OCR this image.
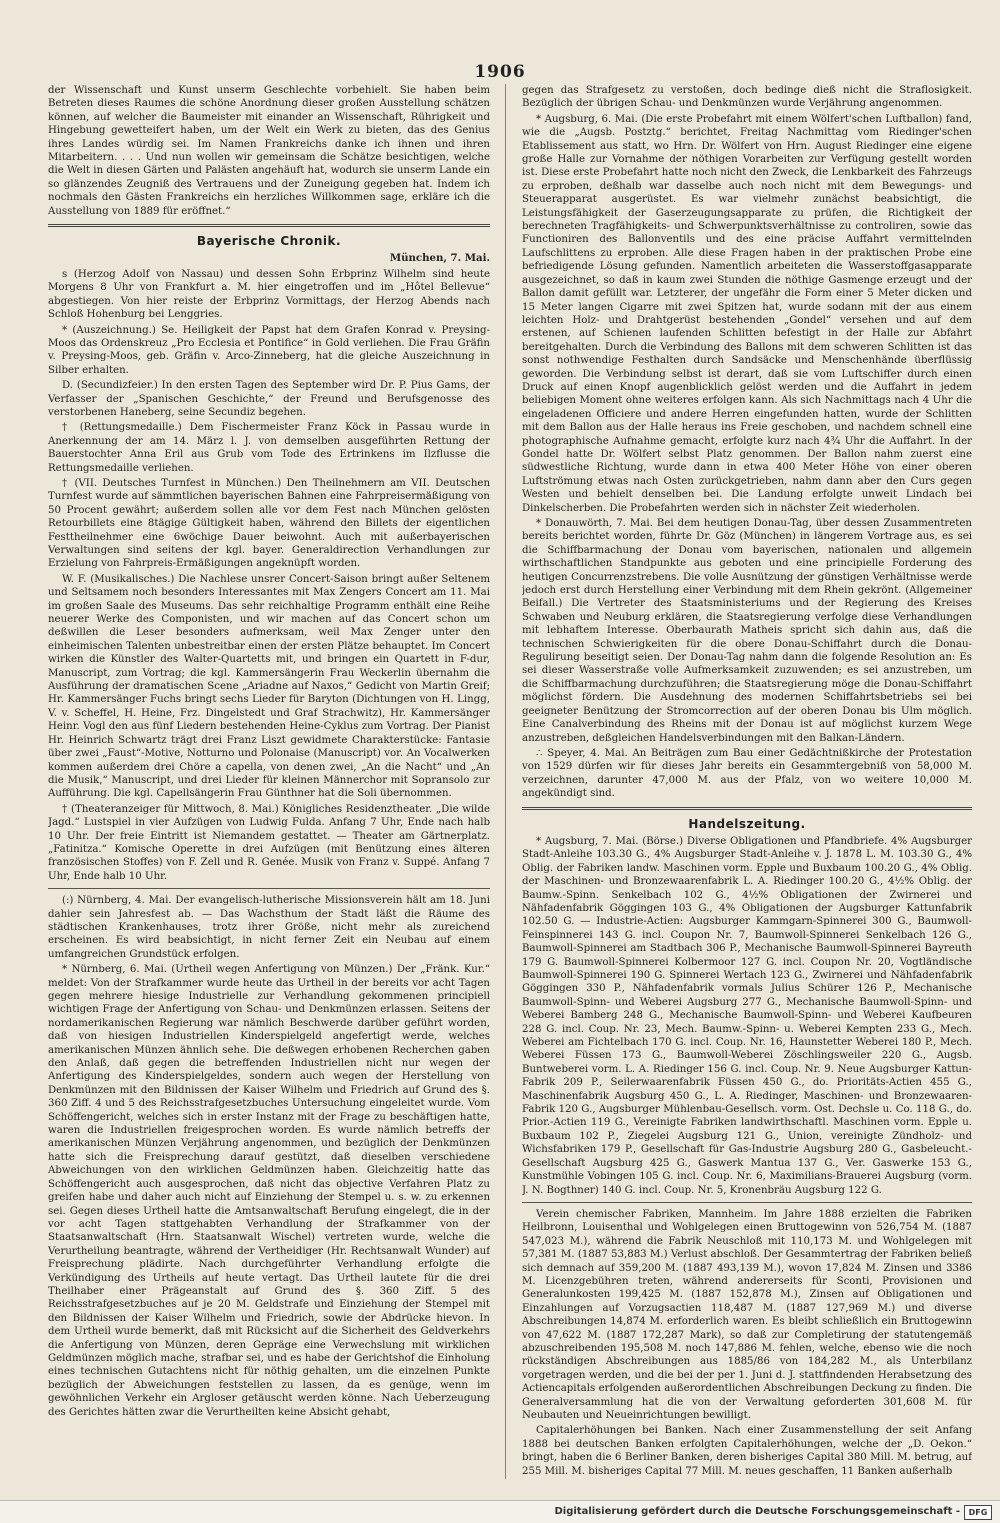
1906

der Wissenschaft und Kunst unserm Geschlechte vorbehielt. Sie haben beim Betreten dieses Raumes die schöne Anordnung dieser großen Ausstellung schätzen können, auf welcher die Baumeister mit einander an Wissenschaft, Rührigkeit und Hingebung gewetteifert haben, um der Welt ein Werk zu bieten, das des Genius ihres Landes würdig sei. Im Namen Frankreichs danke ich ihnen und ihren Mitarbeitern. . . . Und nun wollen wir gemeinsam die Schätze besichtigen, welche die Welt in diesen Gärten und Palästen angehäuft hat, wodurch sie unserm Lande ein so glänzendes Zeugniß des Vertrauens und der Zuneigung gegeben hat. Indem ich nochmals den Gästen Frankreichs ein herzliches Willkommen sage, erkläre ich die Ausstellung von 1889 für eröffnet.“

Bayerische Chronik.
München, 7. Mai.

s (Herzog Adolf von Nassau) und dessen Sohn Erbprinz Wilhelm sind heute Morgens 8 Uhr von Frankfurt a. M. hier eingetroffen und im „Hôtel Bellevue“ abgestiegen. Von hier reiste der Erbprinz Vormittags, der Herzog Abends nach Schloß Hohenburg bei Lenggries.

* (Auszeichnung.) Se. Heiligkeit der Papst hat dem Grafen Konrad v. Preysing-Moos das Ordenskreuz „Pro Ecclesia et Pontifice“ in Gold verliehen. Die Frau Gräfin v. Preysing-Moos, geb. Gräfin v. Arco-Zinneberg, hat die gleiche Auszeichnung in Silber erhalten.

D. (Secundizfeier.) In den ersten Tagen des September wird Dr. P. Pius Gams, der Verfasser der „Spanischen Geschichte,“ der Freund und Berufsgenosse des verstorbenen Haneberg, seine Secundiz begehen.

† (Rettungsmedaille.) Dem Fischermeister Franz Köck in Passau wurde in Anerkennung der am 14. März l. J. von demselben ausgeführten Rettung der Bauerstochter Anna Eril aus Grub vom Tode des Ertrinkens im Ilzflusse die Rettungsmedaille verliehen.

† (VII. Deutsches Turnfest in München.) Den Theilnehmern am VII. Deutschen Turnfest wurde auf sämmtlichen bayerischen Bahnen eine Fahrpreisermäßigung von 50 Procent gewährt; außerdem sollen alle vor dem Fest nach München gelösten Retourbillets eine 8tägige Gültigkeit haben, während den Billets der eigentlichen Festtheilnehmer eine 6wöchige Dauer beiwohnt. Auch mit außerbayerischen Verwaltungen sind seitens der kgl. bayer. Generaldirection Verhandlungen zur Erzielung von Fahrpreis-Ermäßigungen angeknüpft worden.

W. F. (Musikalisches.) Die Nachlese unsrer Concert-Saison bringt außer Seltenem und Seltsamem noch besonders Interessantes mit Max Zengers Concert am 11. Mai im großen Saale des Museums. Das sehr reichhaltige Programm enthält eine Reihe neuerer Werke des Componisten, und wir machen auf das Concert schon um deßwillen die Leser besonders aufmerksam, weil Max Zenger unter den einheimischen Talenten unbestreitbar einen der ersten Plätze behauptet. Im Concert wirken die Künstler des Walter-Quartetts mit, und bringen ein Quartett in F-dur, Manuscript, zum Vortrag; die kgl. Kammersängerin Frau Weckerlin übernahm die Ausführung der dramatischen Scene „Ariadne auf Naxos,“ Gedicht von Martin Greif; Hr. Kammersänger Fuchs bringt sechs Lieder für Baryton (Dichtungen von H. Lingg, V. v. Scheffel, H. Heine, Frz. Dingelstedt und Graf Strachwitz), Hr. Kammersänger Heinr. Vogl den aus fünf Liedern bestehenden Heine-Cyklus zum Vortrag. Der Pianist Hr. Heinrich Schwartz trägt drei Franz Liszt gewidmete Charakterstücke: Fantasie über zwei „Faust“-Motive, Notturno und Polonaise (Manuscript) vor. An Vocalwerken kommen außerdem drei Chöre a capella, von denen zwei, „An die Nacht“ und „An die Musik,“ Manuscript, und drei Lieder für kleinen Männerchor mit Sopransolo zur Aufführung. Die kgl. Capellsängerin Frau Günthner hat die Soli übernommen.

† (Theateranzeiger für Mittwoch, 8. Mai.) Königliches Residenztheater. „Die wilde Jagd.“ Lustspiel in vier Aufzügen von Ludwig Fulda. Anfang 7 Uhr, Ende nach halb 10 Uhr. Der freie Eintritt ist Niemandem gestattet. — Theater am Gärtnerplatz. „Fatinitza.“ Komische Operette in drei Aufzügen (mit Benützung eines älteren französischen Stoffes) von F. Zell und R. Genée. Musik von Franz v. Suppé. Anfang 7 Uhr, Ende halb 10 Uhr.

(:) Nürnberg, 4. Mai. Der evangelisch-lutherische Missionsverein hält am 18. Juni dahier sein Jahresfest ab. — Das Wachsthum der Stadt läßt die Räume des städtischen Krankenhauses, trotz ihrer Größe, nicht mehr als zureichend erscheinen. Es wird beabsichtigt, in nicht ferner Zeit ein Neubau auf einem umfangreichen Grundstück erfolgen.

* Nürnberg, 6. Mai. (Urtheil wegen Anfertigung von Münzen.) Der „Fränk. Kur.“ meldet: Von der Strafkammer wurde heute das Urtheil in der bereits vor acht Tagen gegen mehrere hiesige Industrielle zur Verhandlung gekommenen principiell wichtigen Frage der Anfertigung von Schau- und Denkmünzen erlassen. Seitens der nordamerikanischen Regierung war nämlich Beschwerde darüber geführt worden, daß von hiesigen Industriellen Kinderspielgeld angefertigt werde, welches amerikanischen Münzen ähnlich sehe. Die deßwegen erhobenen Recherchen gaben den Anlaß, daß gegen die betreffenden Industriellen nicht nur wegen der Anfertigung des Kinderspielgeldes, sondern auch wegen der Herstellung von Denkmünzen mit den Bildnissen der Kaiser Wilhelm und Friedrich auf Grund des §. 360 Ziff. 4 und 5 des Reichsstrafgesetzbuches Untersuchung eingeleitet wurde. Vom Schöffengericht, welches sich in erster Instanz mit der Frage zu beschäftigen hatte, waren die Industriellen freigesprochen worden. Es wurde nämlich betreffs der amerikanischen Münzen Verjährung angenommen, und bezüglich der Denkmünzen hatte sich die Freisprechung darauf gestützt, daß dieselben verschiedene Abweichungen von den wirklichen Geldmünzen haben. Gleichzeitig hatte das Schöffengericht auch ausgesprochen, daß nicht das objective Verfahren Platz zu greifen habe und daher auch nicht auf Einziehung der Stempel u. s. w. zu erkennen sei. Gegen dieses Urtheil hatte die Amtsanwaltschaft Berufung eingelegt, die in der vor acht Tagen stattgehabten Verhandlung der Strafkammer von der Staatsanwaltschaft (Hrn. Staatsanwalt Wischel) vertreten wurde, welche die Verurtheilung beantragte, während der Vertheidiger (Hr. Rechtsanwalt Wunder) auf Freisprechung plädirte. Nach durchgeführter Verhandlung erfolgte die Verkündigung des Urtheils auf heute vertagt. Das Urtheil lautete für die drei Theilhaber einer Prägeanstalt auf Grund des §. 360 Ziff. 5 des Reichsstrafgesetzbuches auf je 20 M. Geldstrafe und Einziehung der Stempel mit den Bildnissen der Kaiser Wilhelm und Friedrich, sowie der Abdrücke hievon. In dem Urtheil wurde bemerkt, daß mit Rücksicht auf die Sicherheit des Geldverkehrs die Anfertigung von Münzen, deren Gepräge eine Verwechslung mit wirklichen Geldmünzen möglich mache, strafbar sei, und es habe der Gerichtshof die Einholung eines technischen Gutachtens nicht für nöthig gehalten, um die einzelnen Punkte bezüglich der Abweichungen feststellen zu lassen, da es genüge, wenn im gewöhnlichen Verkehr ein Argloser getäuscht werden könne. Nach Ueberzeugung des Gerichtes hätten zwar die Verurtheilten keine Absicht gehabt,

gegen das Strafgesetz zu verstoßen, doch bedinge dieß nicht die Straflosigkeit. Bezüglich der übrigen Schau- und Denkmünzen wurde Verjährung angenommen.

* Augsburg, 6. Mai. (Die erste Probefahrt mit einem Wölfert'schen Luftballon) fand, wie die „Augsb. Postztg.“ berichtet, Freitag Nachmittag vom Riedinger'schen Etablissement aus statt, wo Hrn. Dr. Wölfert von Hrn. August Riedinger eine eigene große Halle zur Vornahme der nöthigen Vorarbeiten zur Verfügung gestellt worden ist. Diese erste Probefahrt hatte noch nicht den Zweck, die Lenkbarkeit des Fahrzeugs zu erproben, deßhalb war dasselbe auch noch nicht mit dem Bewegungs- und Steuerapparat ausgerüstet. Es war vielmehr zunächst beabsichtigt, die Leistungsfähigkeit der Gaserzeugungsapparate zu prüfen, die Richtigkeit der berechneten Tragfähigkeits- und Schwerpunktsverhältnisse zu controliren, sowie das Functioniren des Ballonventils und des eine präcise Auffahrt vermittelnden Laufschlittens zu erproben. Alle diese Fragen haben in der praktischen Probe eine befriedigende Lösung gefunden. Namentlich arbeiteten die Wasserstoffgasapparate ausgezeichnet, so daß in kaum zwei Stunden die nöthige Gasmenge erzeugt und der Ballon damit gefüllt war. Letzterer, der ungefähr die Form einer 5 Meter dicken und 15 Meter langen Cigarre mit zwei Spitzen hat, wurde sodann mit der aus einem leichten Holz- und Drahtgerüst bestehenden „Gondel“ versehen und auf dem erstenen, auf Schienen laufenden Schlitten befestigt in der Halle zur Abfahrt bereitgehalten. Durch die Verbindung des Ballons mit dem schweren Schlitten ist das sonst nothwendige Festhalten durch Sandsäcke und Menschenhände überflüssig geworden. Die Verbindung selbst ist derart, daß sie vom Luftschiffer durch einen Druck auf einen Knopf augenblicklich gelöst werden und die Auffahrt in jedem beliebigen Moment ohne weiteres erfolgen kann. Als sich Nachmittags nach 4 Uhr die eingeladenen Officiere und andere Herren eingefunden hatten, wurde der Schlitten mit dem Ballon aus der Halle heraus ins Freie geschoben, und nachdem schnell eine photographische Aufnahme gemacht, erfolgte kurz nach 4¾ Uhr die Auffahrt. In der Gondel hatte Dr. Wölfert selbst Platz genommen. Der Ballon nahm zuerst eine südwestliche Richtung, wurde dann in etwa 400 Meter Höhe von einer oberen Luftströmung etwas nach Osten zurückgetrieben, nahm dann aber den Curs gegen Westen und behielt denselben bei. Die Landung erfolgte unweit Lindach bei Dinkelscherben. Die Probefahrten werden sich in nächster Zeit wiederholen.

* Donauwörth, 7. Mai. Bei dem heutigen Donau-Tag, über dessen Zusammentreten bereits berichtet worden, führte Dr. Göz (München) in längerem Vortrage aus, es sei die Schiffbarmachung der Donau vom bayerischen, nationalen und allgemein wirthschaftlichen Standpunkte aus geboten und eine principielle Forderung des heutigen Concurrenzstrebens. Die volle Ausnützung der günstigen Verhältnisse werde jedoch erst durch Herstellung einer Verbindung mit dem Rhein gekrönt. (Allgemeiner Beifall.) Die Vertreter des Staatsministeriums und der Regierung des Kreises Schwaben und Neuburg erklären, die Staatsregierung verfolge diese Verhandlungen mit lebhaftem Interesse. Oberbaurath Matheis spricht sich dahin aus, daß die technischen Schwierigkeiten für die obere Donau-Schiffahrt durch die Donau-Regulirung beseitigt seien. Der Donau-Tag nahm dann die folgende Resolution an: Es sei dieser Wasserstraße volle Aufmerksamkeit zuzuwenden; es sei anzustreben, um die Schiffbarmachung durchzuführen; die Staatsregierung möge die Donau-Schiffahrt möglichst fördern. Die Ausdehnung des modernen Schiffahrtsbetriebs sei bei geeigneter Benützung der Stromcorrection auf der oberen Donau bis Ulm möglich. Eine Canalverbindung des Rheins mit der Donau ist auf möglichst kurzem Wege anzustreben, deßgleichen Handelsverbindungen mit den Balkan-Ländern.

∴ Speyer, 4. Mai. An Beiträgen zum Bau einer Gedächtnißkirche der Protestation von 1529 dürfen wir für dieses Jahr bereits ein Gesammtergebniß von 58,000 M. verzeichnen, darunter 47,000 M. aus der Pfalz, von wo weitere 10,000 M. angekündigt sind.

Handelszeitung.

* Augsburg, 7. Mai. (Börse.) Diverse Obligationen und Pfandbriefe. 4% Augsburger Stadt-Anleihe 103.30 G., 4% Augsburger Stadt-Anleihe v. J. 1878 L. M. 103.30 G., 4% Oblig. der Fabriken landw. Maschinen vorm. Epple und Buxbaum 100.20 G., 4% Oblig. der Maschinen- und Bronzewaarenfabrik L. A. Riedinger 100.20 G., 4½% Oblig. der Baumw.-Spinn. Senkelbach 102 G., 4½% Obligationen der Zwirnerei und Nähfadenfabrik Göggingen 103 G., 4% Obligationen der Augsburger Kattunfabrik 102.50 G. — Industrie-Actien: Augsburger Kammgarn-Spinnerei 300 G., Baumwoll-Feinspinnerei 143 G. incl. Coupon Nr. 7, Baumwoll-Spinnerei Senkelbach 126 G., Baumwoll-Spinnerei am Stadtbach 306 P., Mechanische Baumwoll-Spinnerei Bayreuth 179 G. Baumwoll-Spinnerei Kolbermoor 127 G. incl. Coupon Nr. 20, Vogtländische Baumwoll-Spinnerei 190 G. Spinnerei Wertach 123 G., Zwirnerei und Nähfadenfabrik Göggingen 330 P., Nähfadenfabrik vormals Julius Schürer 126 P., Mechanische Baumwoll-Spinn- und Weberei Augsburg 277 G., Mechanische Baumwoll-Spinn- und Weberei Bamberg 248 G., Mechanische Baumwoll-Spinn- und Weberei Kaufbeuren 228 G. incl. Coup. Nr. 23, Mech. Baumw.-Spinn- u. Weberei Kempten 233 G., Mech. Weberei am Fichtelbach 170 G. incl. Coup. Nr. 16, Haunstetter Weberei 180 P., Mech. Weberei Füssen 173 G., Baumwoll-Weberei Zöschlingsweiler 220 G., Augsb. Buntweberei vorm. L. A. Riedinger 156 G. incl. Coup. Nr. 9. Neue Augsburger Kattun-Fabrik 209 P., Seilerwaarenfabrik Füssen 450 G., do. Prioritäts-Actien 455 G., Maschinenfabrik Augsburg 450 G., L. A. Riedinger, Maschinen- und Bronzewaaren-Fabrik 120 G., Augsburger Mühlenbau-Gesellsch. vorm. Ost. Dechsle u. Co. 118 G., do. Prior.-Actien 119 G., Vereinigte Fabriken landwirthschaftl. Maschinen vorm. Epple u. Buxbaum 102 P., Ziegelei Augsburg 121 G., Union, vereinigte Zündholz- und Wichsfabriken 179 P., Gesellschaft für Gas-Industrie Augsburg 280 G., Gasbeleucht.-Gesellschaft Augsburg 425 G., Gaswerk Mantua 137 G., Ver. Gaswerke 153 G., Kunstmühle Vobingen 105 G. incl. Coup. Nr. 6, Maximilians-Brauerei Augsburg (vorm. J. N. Bogthner) 140 G. incl. Coup. Nr. 5, Kronenbräu Augsburg 122 G.

Verein chemischer Fabriken, Mannheim. Im Jahre 1888 erzielten die Fabriken Heilbronn, Louisenthal und Wohlgelegen einen Bruttogewinn von 526,754 M. (1887 547,023 M.), während die Fabrik Neuschloß mit 110,173 M. und Wohlgelegen mit 57,381 M. (1887 53,883 M.) Verlust abschloß. Der Gesammtertrag der Fabriken beließ sich demnach auf 359,200 M. (1887 493,139 M.), wovon 17,824 M. Zinsen und 3386 M. Licenzgebühren treten, während andererseits für Sconti, Provisionen und Generalunkosten 199,425 M. (1887 152,878 M.), Zinsen auf Obligationen und Einzahlungen auf Vorzugsactien 118,487 M. (1887 127,969 M.) und diverse Abschreibungen 14,874 M. erforderlich waren. Es bleibt schließlich ein Bruttogewinn von 47,622 M. (1887 172,287 Mark), so daß zur Completirung der statutengemäß abzuschreibenden 195,508 M. noch 147,886 M. fehlen, welche, ebenso wie die noch rückständigen Abschreibungen aus 1885/86 von 184,282 M., als Unterbilanz vorgetragen werden, und die bei der per 1. Juni d. J. stattfindenden Herabsetzung des Actiencapitals erfolgenden außerordentlichen Abschreibungen Deckung zu finden. Die Generalversammlung hat die von der Verwaltung geforderten 301,608 M. für Neubauten und Neueinrichtungen bewilligt.

Capitalerhöhungen bei Banken. Nach einer Zusammenstellung der seit Anfang 1888 bei deutschen Banken erfolgten Capitalerhöhungen, welche der „D. Oekon.“ bringt, haben die 6 Berliner Banken, deren bisheriges Capital 380 Mill. M. betrug, auf 255 Mill. M. bisheriges Capital 77 Mill. M. neues geschaffen, 11 Banken außerhalb

Digitalisierung gefördert durch die Deutsche Forschungsgemeinschaft -	DFG
